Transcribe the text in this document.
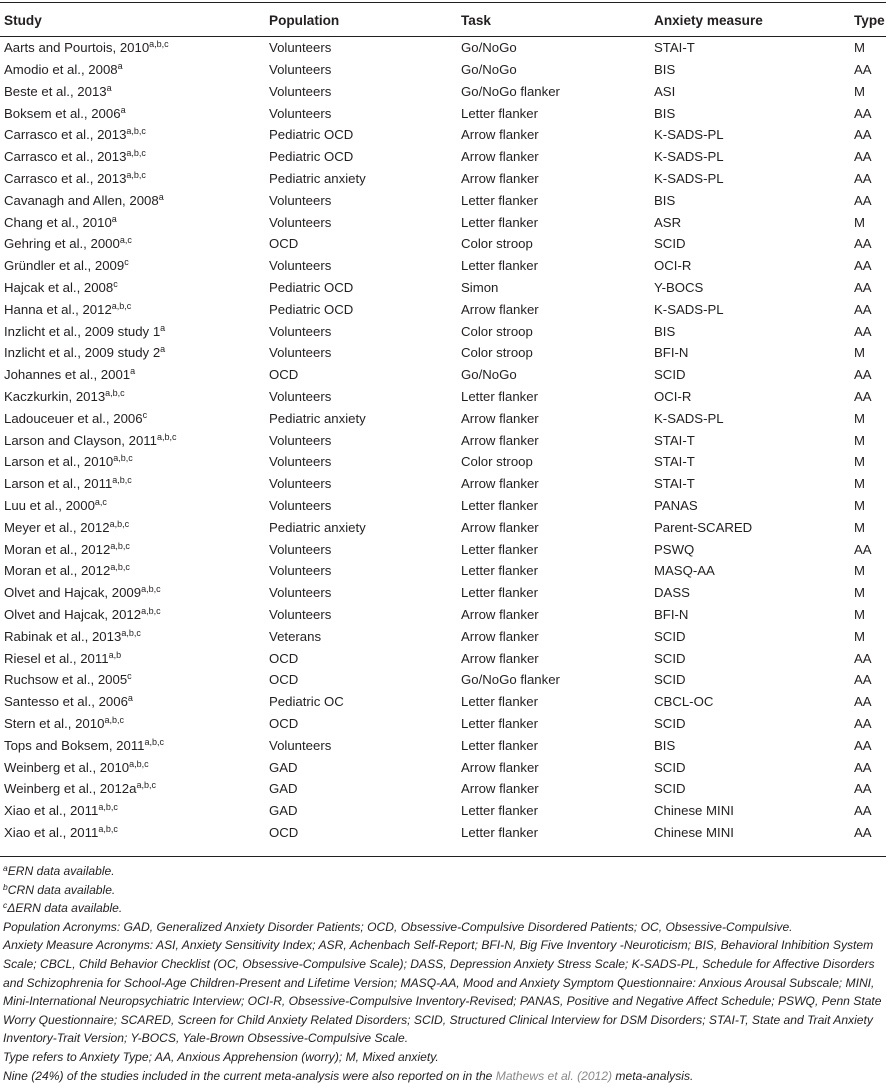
Study	Population	Task	Anxiety measure	Type
Aarts and Pourtois, 2010$^{a,b,c}$	Volunteers	Go/NoGo	STAI-T	M
Amodio et al., 2008$^a$	Volunteers	Go/NoGo	BIS	AA
Beste et al., 2013$^a$	Volunteers	Go/NoGo flanker	ASI	M
Boksem et al., 2006$^a$	Volunteers	Letter flanker	BIS	AA
Carrasco et al., 2013$^{a,b,c}$	Pediatric OCD	Arrow flanker	K-SADS-PL	AA
Carrasco et al., 2013$^{a,b,c}$	Pediatric OCD	Arrow flanker	K-SADS-PL	AA
Carrasco et al., 2013$^{a,b,c}$	Pediatric anxiety	Arrow flanker	K-SADS-PL	AA
Cavanagh and Allen, 2008$^a$	Volunteers	Letter flanker	BIS	AA
Chang et al., 2010$^a$	Volunteers	Letter flanker	ASR	M
Gehring et al., 2000$^{a,c}$	OCD	Color stroop	SCID	AA
Gründler et al., 2009$^c$	Volunteers	Letter flanker	OCI-R	AA
Hajcak et al., 2008$^c$	Pediatric OCD	Simon	Y-BOCS	AA
Hanna et al., 2012$^{a,b,c}$	Pediatric OCD	Arrow flanker	K-SADS-PL	AA
Inzlicht et al., 2009 study 1$^a$	Volunteers	Color stroop	BIS	AA
Inzlicht et al., 2009 study 2$^a$	Volunteers	Color stroop	BFI-N	M
Johannes et al., 2001$^a$	OCD	Go/NoGo	SCID	AA
Kaczkurkin, 2013$^{a,b,c}$	Volunteers	Letter flanker	OCI-R	AA
Ladouceuer et al., 2006$^c$	Pediatric anxiety	Arrow flanker	K-SADS-PL	M
Larson and Clayson, 2011$^{a,b,c}$	Volunteers	Arrow flanker	STAI-T	M
Larson et al., 2010$^{a,b,c}$	Volunteers	Color stroop	STAI-T	M
Larson et al., 2011$^{a,b,c}$	Volunteers	Arrow flanker	STAI-T	M
Luu et al., 2000$^{a,c}$	Volunteers	Letter flanker	PANAS	M
Meyer et al., 2012$^{a,b,c}$	Pediatric anxiety	Arrow flanker	Parent-SCARED	M
Moran et al., 2012$^{a,b,c}$	Volunteers	Letter flanker	PSWQ	AA
Moran et al., 2012$^{a,b,c}$	Volunteers	Letter flanker	MASQ-AA	M
Olvet and Hajcak, 2009$^{a,b,c}$	Volunteers	Letter flanker	DASS	M
Olvet and Hajcak, 2012$^{a,b,c}$	Volunteers	Arrow flanker	BFI-N	M
Rabinak et al., 2013$^{a,b,c}$	Veterans	Arrow flanker	SCID	M
Riesel et al., 2011$^{a,b}$	OCD	Arrow flanker	SCID	AA
Ruchsow et al., 2005$^c$	OCD	Go/NoGo flanker	SCID	AA
Santesso et al., 2006$^a$	Pediatric OC	Letter flanker	CBCL-OC	AA
Stern et al., 2010$^{a,b,c}$	OCD	Letter flanker	SCID	AA
Tops and Boksem, 2011$^{a,b,c}$	Volunteers	Letter flanker	BIS	AA
Weinberg et al., 2010$^{a,b,c}$	GAD	Arrow flanker	SCID	AA
Weinberg et al., $2012a^{a,b,c}$	GAD	Arrow flanker	SCID	AA
Xiao et al., 2011$^{a,b,c}$	GAD	Letter flanker	Chinese MINI	AA
Xiao et al., 2011$^{a,b,c}$	OCD	Letter flanker	Chinese MINI	AA
$^a$ERN data available.
$^b$CRN data available.
$^c$ΔERN data available.
Population Acronyms: GAD, Generalized Anxiety Disorder Patients; OCD, Obsessive-Compulsive Disordered Patients; OC, Obsessive-Compulsive.
Anxiety Measure Acronyms: ASI, Anxiety Sensitivity Index; ASR, Achenbach Self-Report; BFI-N, Big Five Inventory -Neuroticism; BIS, Behavioral Inhibition System
Scale; CBCL, Child Behavior Checklist (OC, Obsessive-Compulsive Scale); DASS, Depression Anxiety Stress Scale; K-SADS-PL, Schedule for Affective Disorders
and Schizophrenia for School-Age Children-Present and Lifetime Version; MASQ-AA, Mood and Anxiety Symptom Questionnaire: Anxious Arousal Subscale; MINI,
Mini-International Neuropsychiatric Interview; OCI-R, Obsessive-Compulsive Inventory-Revised; PANAS, Positive and Negative Affect Schedule; PSWQ, Penn State
Worry Questionnaire; SCARED, Screen for Child Anxiety Related Disorders; SCID, Structured Clinical Interview for DSM Disorders; STAI-T, State and Trait Anxiety
Inventory-Trait Version; Y-BOCS, Yale-Brown Obsessive-Compulsive Scale.
Type refers to Anxiety Type; AA, Anxious Apprehension (worry); M, Mixed anxiety.
Nine (24%) of the studies included in the current meta-analysis were also reported on in the Mathews et al. (2012) meta-analysis.
